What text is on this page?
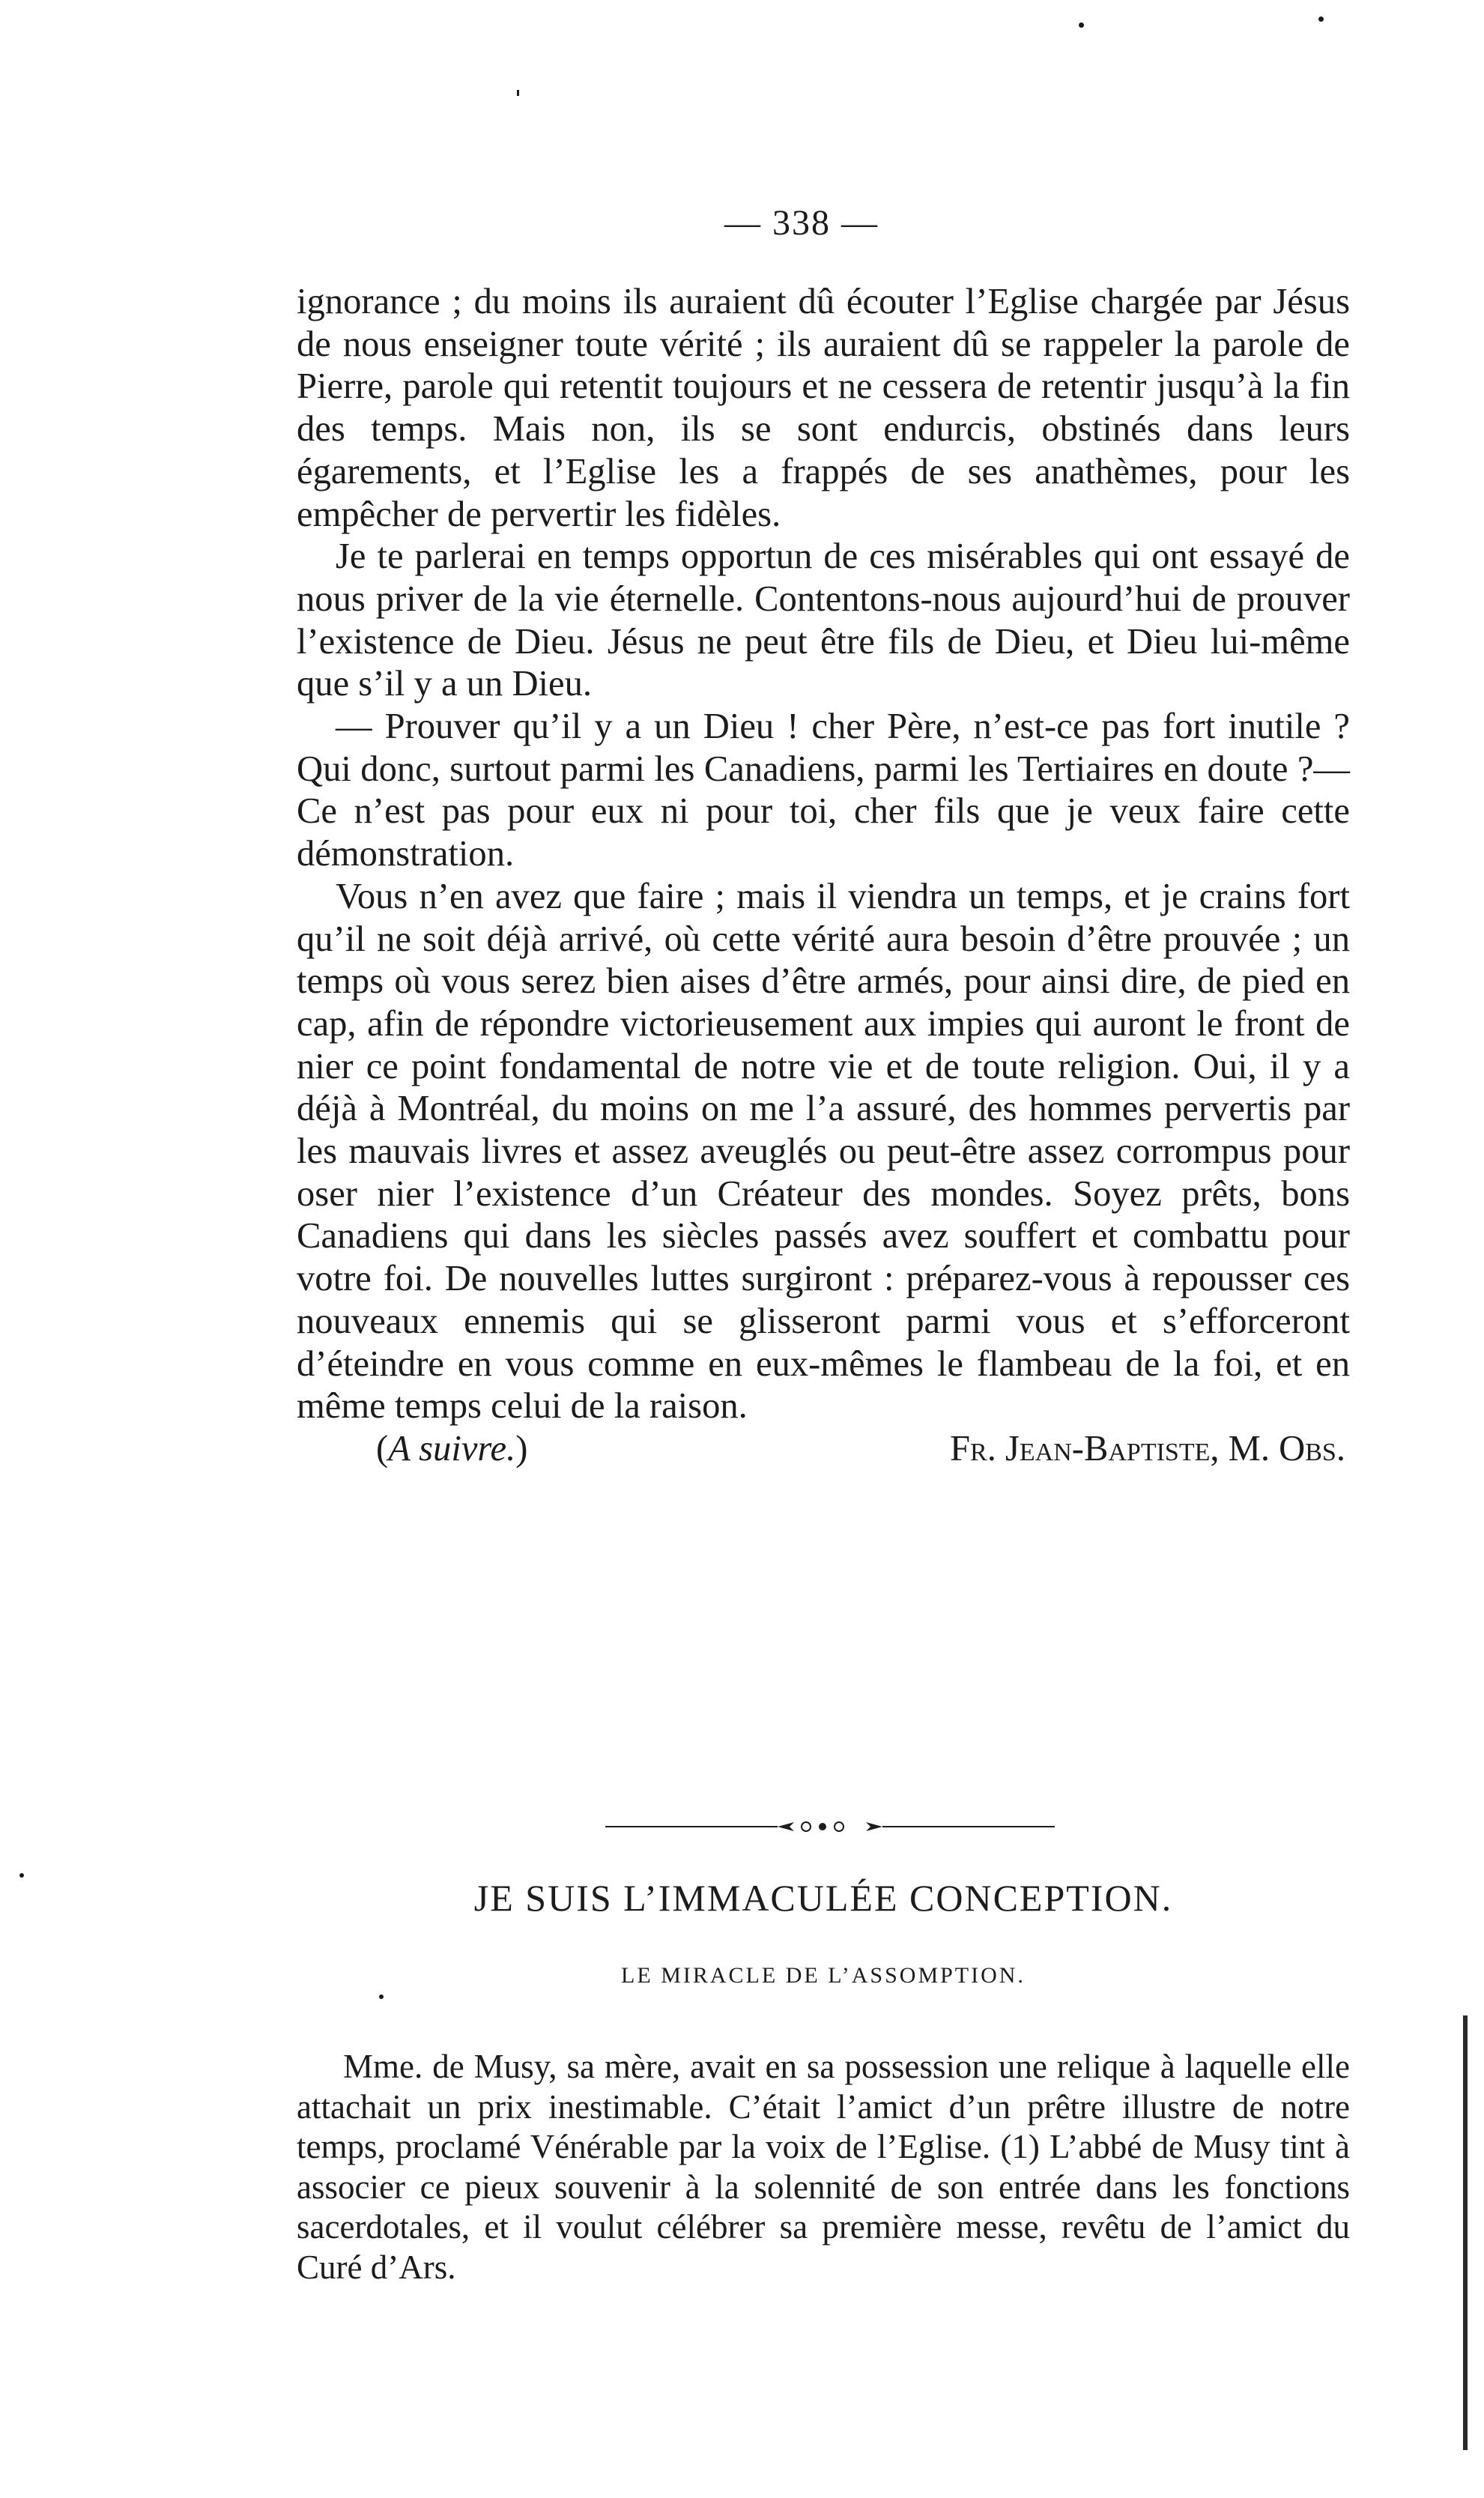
— 338 —

ignorance ; du moins ils auraient dû écouter l’Eglise chargée par Jésus de nous enseigner toute vérité ; ils auraient dû se rappeler la parole de Pierre, parole qui retentit toujours et ne cessera de retentir jusqu’à la fin des temps. Mais non, ils se sont endurcis, obstinés dans leurs égarements, et l’Eglise les a frappés de ses anathèmes, pour les empêcher de pervertir les fidèles.

Je te parlerai en temps opportun de ces misérables qui ont essayé de nous priver de la vie éternelle. Contentons-nous aujourd’hui de prouver l’existence de Dieu. Jésus ne peut être fils de Dieu, et Dieu lui-même que s’il y a un Dieu.

— Prouver qu’il y a un Dieu ! cher Père, n’est-ce pas fort inutile ? Qui donc, surtout parmi les Canadiens, parmi les Tertiaires en doute ?—Ce n’est pas pour eux ni pour toi, cher fils que je veux faire cette démonstration.

Vous n’en avez que faire ; mais il viendra un temps, et je crains fort qu’il ne soit déjà arrivé, où cette vérité aura besoin d’être prouvée ; un temps où vous serez bien aises d’être armés, pour ainsi dire, de pied en cap, afin de répondre victorieusement aux impies qui auront le front de nier ce point fondamental de notre vie et de toute religion. Oui, il y a déjà à Montréal, du moins on me l’a assuré, des hommes pervertis par les mauvais livres et assez aveuglés ou peut-être assez corrompus pour oser nier l’existence d’un Créateur des mondes. Soyez prêts, bons Canadiens qui dans les siècles passés avez souffert et combattu pour votre foi. De nouvelles luttes surgiront : préparez-vous à repousser ces nouveaux ennemis qui se glisseront parmi vous et s’efforceront d’éteindre en vous comme en eux-mêmes le flambeau de la foi, et en même temps celui de la raison.

(A suivre.)	Fr. Jean-Baptiste, M. Obs.
JE SUIS L’IMMACULÉE CONCEPTION.
LE MIRACLE DE L’ASSOMPTION.

Mme. de Musy, sa mère, avait en sa possession une relique à laquelle elle attachait un prix inestimable. C’était l’amict d’un prêtre illustre de notre temps, proclamé Vénérable par la voix de l’Eglise. (1) L’abbé de Musy tint à associer ce pieux souvenir à la solennité de son entrée dans les fonctions sacerdotales, et il voulut célébrer sa première messe, revêtu de l’amict du Curé d’Ars.
